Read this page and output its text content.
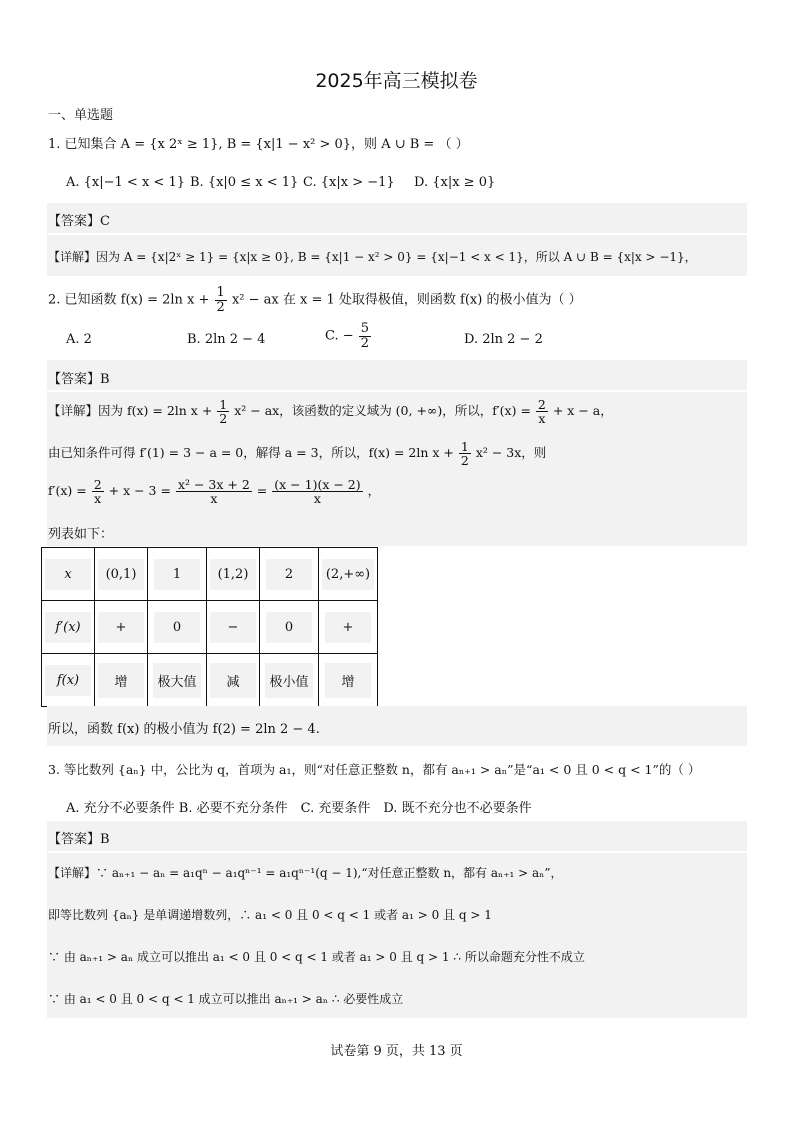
2025年高三模拟卷
一、单选题
1. 已知集合 A = {x 2ˣ ≥ 1}, B = {x|1 − x² > 0}，则 A ∪ B = （ ）
A. {x|−1 < x < 1} B. {x|0 ≤ x < 1} C. {x|x > −1} D. {x|x ≥ 0}
【答案】C
【详解】因为 A = {x|2ˣ ≥ 1} = {x|x ≥ 0}, B = {x|1 − x² > 0} = {x|−1 < x < 1}，所以 A ∪ B = {x|x > −1}，
2. 已知函数 f(x) = 2ln $x + \frac{1}{2} x^2$ − ax 在 x = 1 处取得极值，则函数 f(x) 的极小值为（ ）
A. 2	B. 2ln 2 − 4	C. − $\frac{5}{2}$	D. 2ln 2 − 2
【答案】B
【详解】因为 f(x) = 2ln $x + \frac{1}{2} x^2$ − ax，该函数的定义域为 (0, +∞)，所以，$f'(x) = \frac{2}{x} + x - a$，
由已知条件可得 f′(1) = 3 − a = 0，解得 a = 3，所以，f(x) = 2ln $x + \frac{1}{2} x^2 - 3x$，则
$f'(x) = \frac{2}{x} + x - 3 = \frac{\text{x² − 3x + 2}}{x} = \frac{(x - 1)(x - 2)}{x}$ ，
列表如下：
x	(0,1)	1	(1,2)	2	(2,+∞)
f′(x)	+	0	−	0	+
f(x)	增	极大值	减	极小值	增
所以，函数 f(x) 的极小值为 f(2) = 2ln 2 − 4.
3. 等比数列 {aₙ} 中，公比为 q，首项为 a₁，则“对任意正整数 n，都有 aₙ₊₁ > aₙ”是“a₁ < 0 且 0 < q < 1”的（ ）
A. 充分不必要条件 B. 必要不充分条件　C. 充要条件　D. 既不充分也不必要条件
【答案】B
【详解】∵ aₙ₊₁ − aₙ = a₁qⁿ − a₁qⁿ⁻¹ = a₁qⁿ⁻¹(q − 1),“对任意正整数 n，都有 aₙ₊₁ > aₙ”，
即等比数列 {aₙ} 是单调递增数列，∴ a₁ < 0 且 0 < q < 1 或者 a₁ > 0 且 q > 1
∵ 由 aₙ₊₁ > aₙ 成立可以推出 a₁ < 0 且 0 < q < 1 或者 a₁ > 0 且 q > 1 ∴ 所以命题充分性不成立
∵ 由 a₁ < 0 且 0 < q < 1 成立可以推出 aₙ₊₁ > aₙ ∴ 必要性成立
试卷第 9 页，共 13 页
